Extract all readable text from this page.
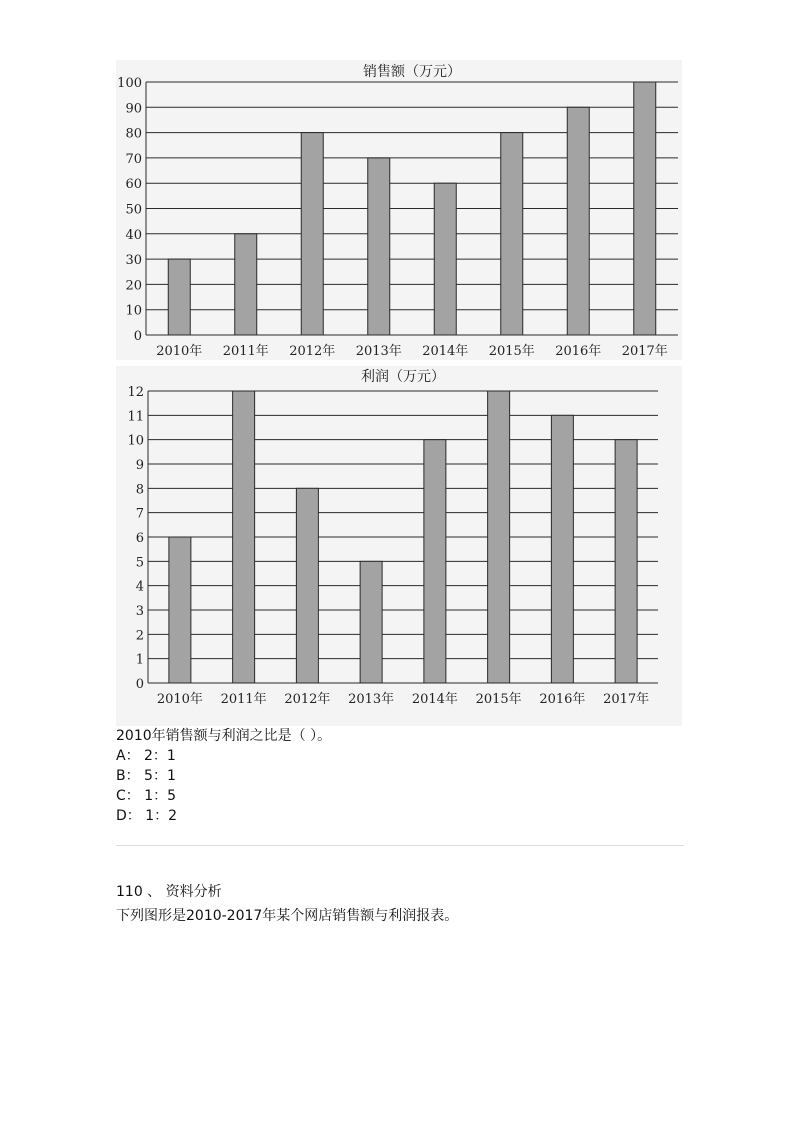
销售额（万元）
0
10
20
30
40
50
60
70
80
90
100
2010年 2011年 2012年 2013年 2014年 2015年 2016年 2017年
利润（万元）
0
1
2
3
4
5
6
7
8
9
10
11
12
2010年 2011年 2012年 2013年 2014年 2015年 2016年 2017年
2010年销售额与利润之比是（ ）。
A： 2：1
B： 5：1
C： 1：5
D： 1：2
110 、 资料分析
下列图形是2010-2017年某个网店销售额与利润报表。
